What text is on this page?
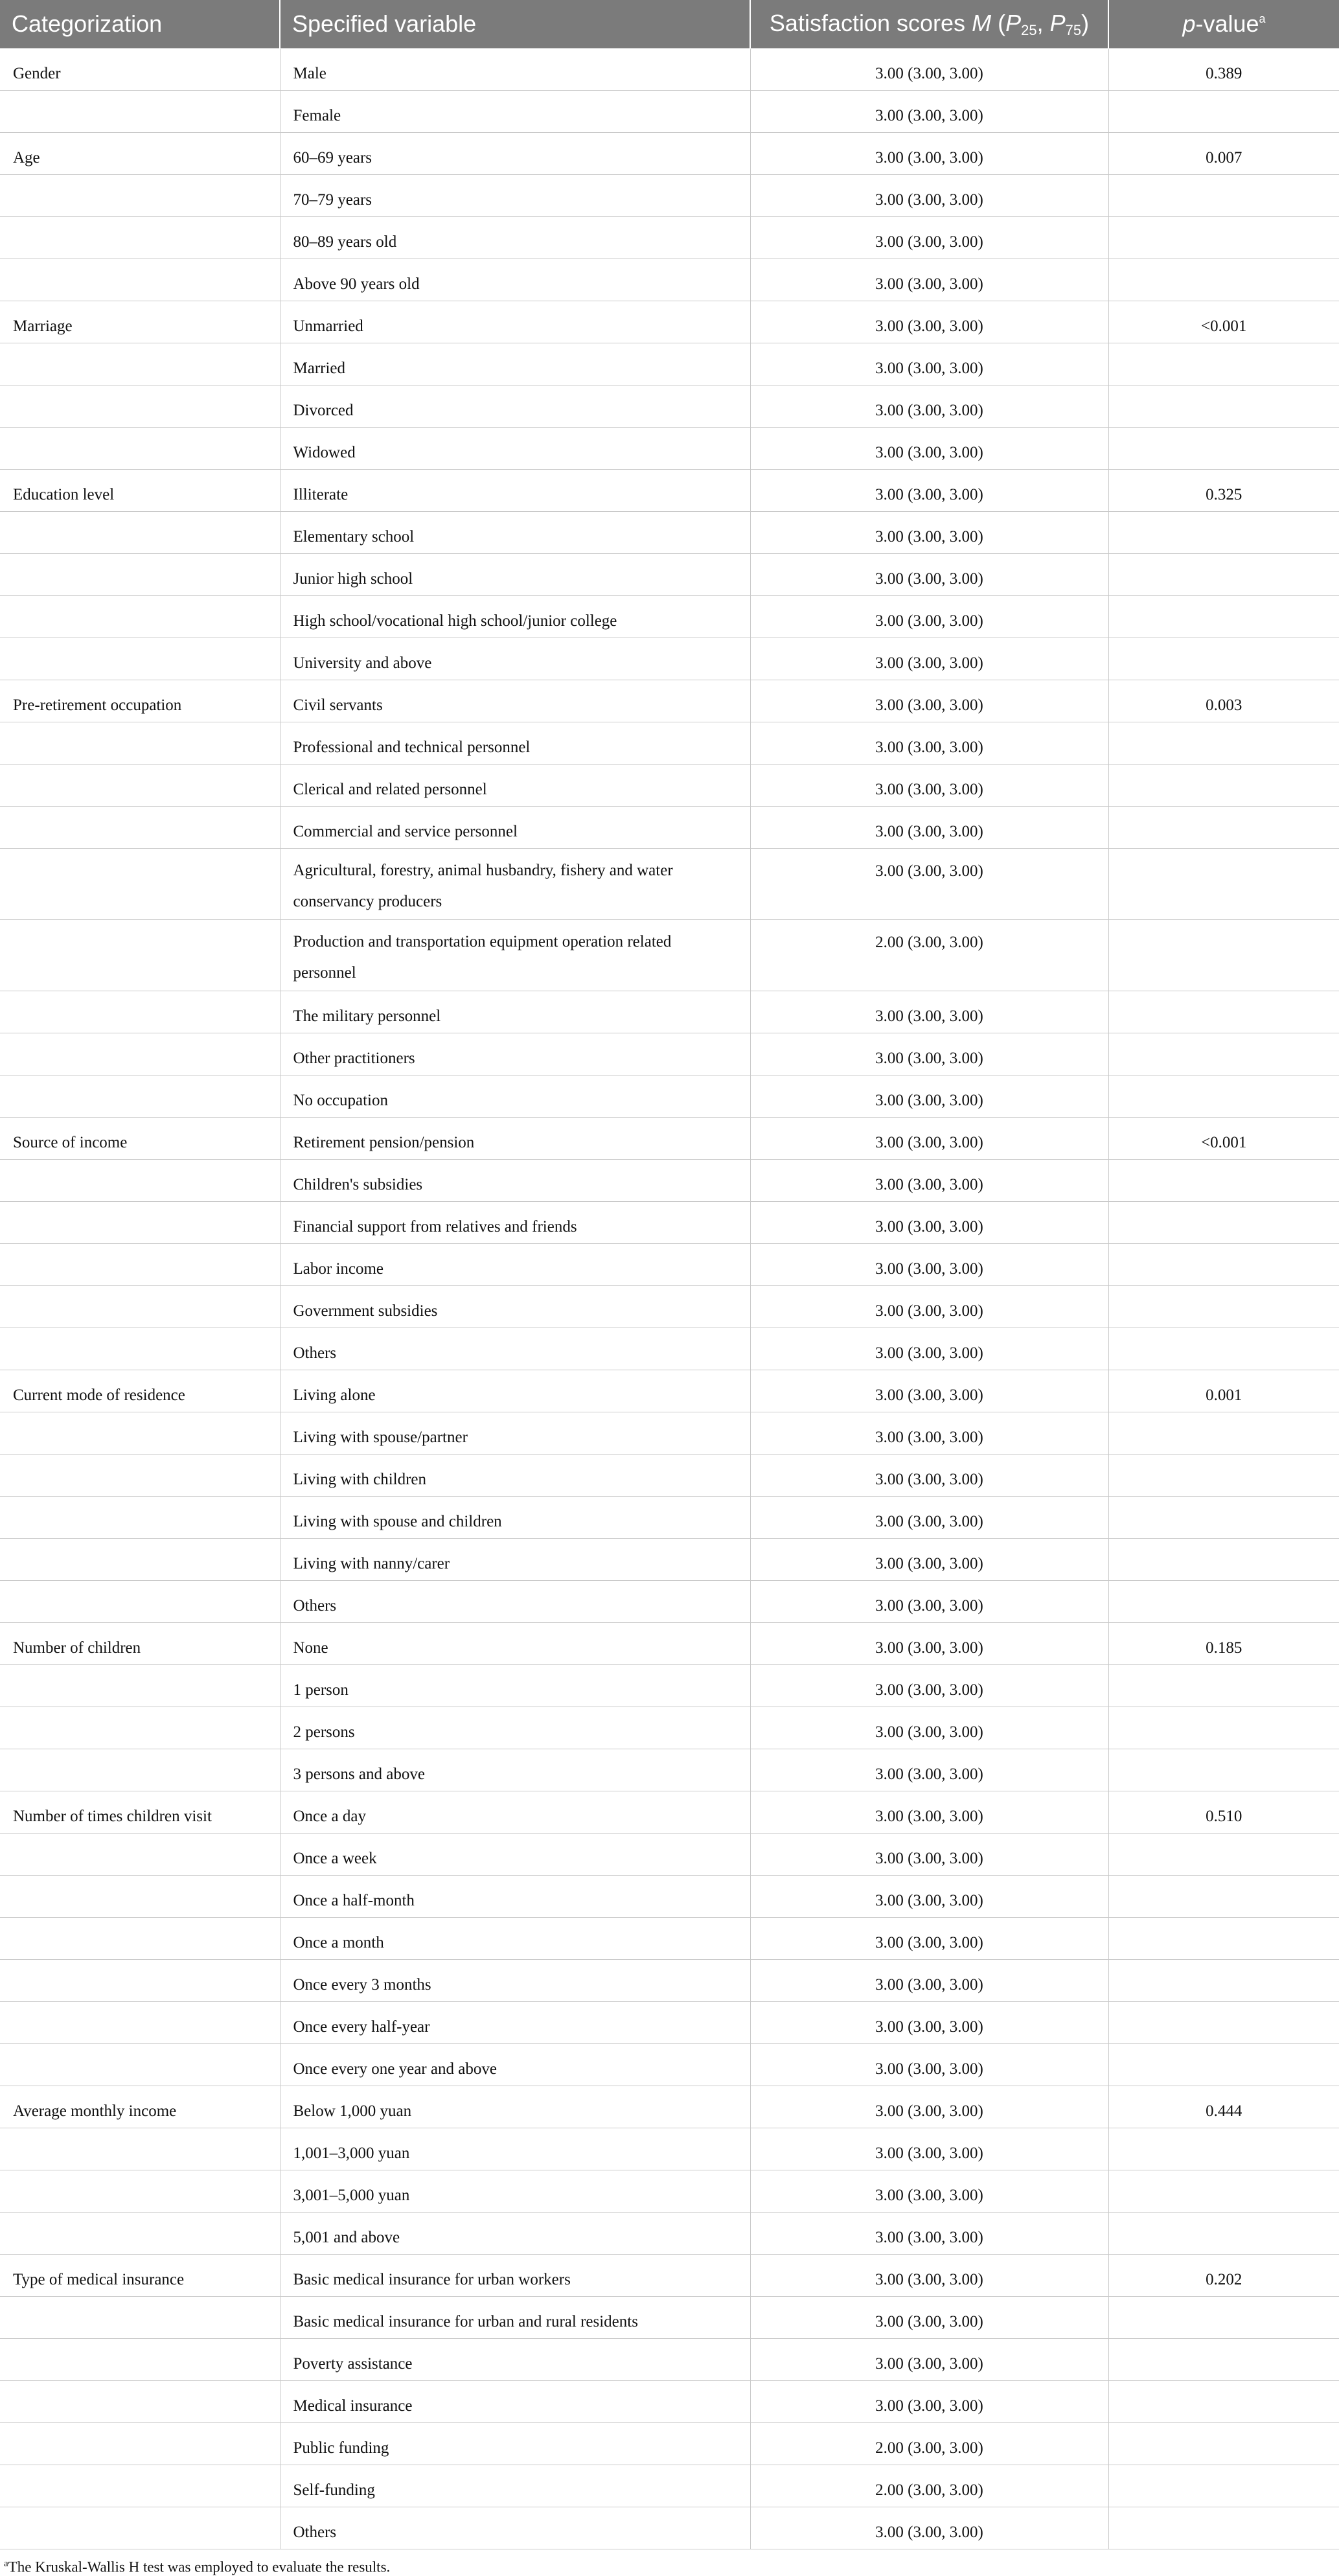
Categorization	Specified variable	Satisfaction scores M ($P_{25}$, $P_{75}$)	p-value$^a$
Gender	Male	3.00 (3.00, 3.00)	0.389
	Female	3.00 (3.00, 3.00)	
Age	60–69 years	3.00 (3.00, 3.00)	0.007
	70–79 years	3.00 (3.00, 3.00)	
	80–89 years old	3.00 (3.00, 3.00)	
	Above 90 years old	3.00 (3.00, 3.00)	
Marriage	Unmarried	3.00 (3.00, 3.00)	<0.001
	Married	3.00 (3.00, 3.00)	
	Divorced	3.00 (3.00, 3.00)	
	Widowed	3.00 (3.00, 3.00)	
Education level	Illiterate	3.00 (3.00, 3.00)	0.325
	Elementary school	3.00 (3.00, 3.00)	
	Junior high school	3.00 (3.00, 3.00)	
	High school/vocational high school/junior college	3.00 (3.00, 3.00)	
	University and above	3.00 (3.00, 3.00)	
Pre-retirement occupation	Civil servants	3.00 (3.00, 3.00)	0.003
	Professional and technical personnel	3.00 (3.00, 3.00)	
	Clerical and related personnel	3.00 (3.00, 3.00)	
	Commercial and service personnel	3.00 (3.00, 3.00)	
	Agricultural, forestry, animal husbandry, fishery and water conservancy producers	3.00 (3.00, 3.00)	
	Production and transportation equipment operation related personnel	2.00 (3.00, 3.00)	
	The military personnel	3.00 (3.00, 3.00)	
	Other practitioners	3.00 (3.00, 3.00)	
	No occupation	3.00 (3.00, 3.00)	
Source of income	Retirement pension/pension	3.00 (3.00, 3.00)	<0.001
	Children's subsidies	3.00 (3.00, 3.00)	
	Financial support from relatives and friends	3.00 (3.00, 3.00)	
	Labor income	3.00 (3.00, 3.00)	
	Government subsidies	3.00 (3.00, 3.00)	
	Others	3.00 (3.00, 3.00)	
Current mode of residence	Living alone	3.00 (3.00, 3.00)	0.001
	Living with spouse/partner	3.00 (3.00, 3.00)	
	Living with children	3.00 (3.00, 3.00)	
	Living with spouse and children	3.00 (3.00, 3.00)	
	Living with nanny/carer	3.00 (3.00, 3.00)	
	Others	3.00 (3.00, 3.00)	
Number of children	None	3.00 (3.00, 3.00)	0.185
	1 person	3.00 (3.00, 3.00)	
	2 persons	3.00 (3.00, 3.00)	
	3 persons and above	3.00 (3.00, 3.00)	
Number of times children visit	Once a day	3.00 (3.00, 3.00)	0.510
	Once a week	3.00 (3.00, 3.00)	
	Once a half-month	3.00 (3.00, 3.00)	
	Once a month	3.00 (3.00, 3.00)	
	Once every 3 months	3.00 (3.00, 3.00)	
	Once every half-year	3.00 (3.00, 3.00)	
	Once every one year and above	3.00 (3.00, 3.00)	
Average monthly income	Below 1,000 yuan	3.00 (3.00, 3.00)	0.444
	1,001–3,000 yuan	3.00 (3.00, 3.00)	
	3,001–5,000 yuan	3.00 (3.00, 3.00)	
	5,001 and above	3.00 (3.00, 3.00)	
Type of medical insurance	Basic medical insurance for urban workers	3.00 (3.00, 3.00)	0.202
	Basic medical insurance for urban and rural residents	3.00 (3.00, 3.00)	
	Poverty assistance	3.00 (3.00, 3.00)	
	Medical insurance	3.00 (3.00, 3.00)	
	Public funding	2.00 (3.00, 3.00)	
	Self-funding	2.00 (3.00, 3.00)	
	Others	3.00 (3.00, 3.00)	
$^a$The Kruskal-Wallis H test was employed to evaluate the results.
